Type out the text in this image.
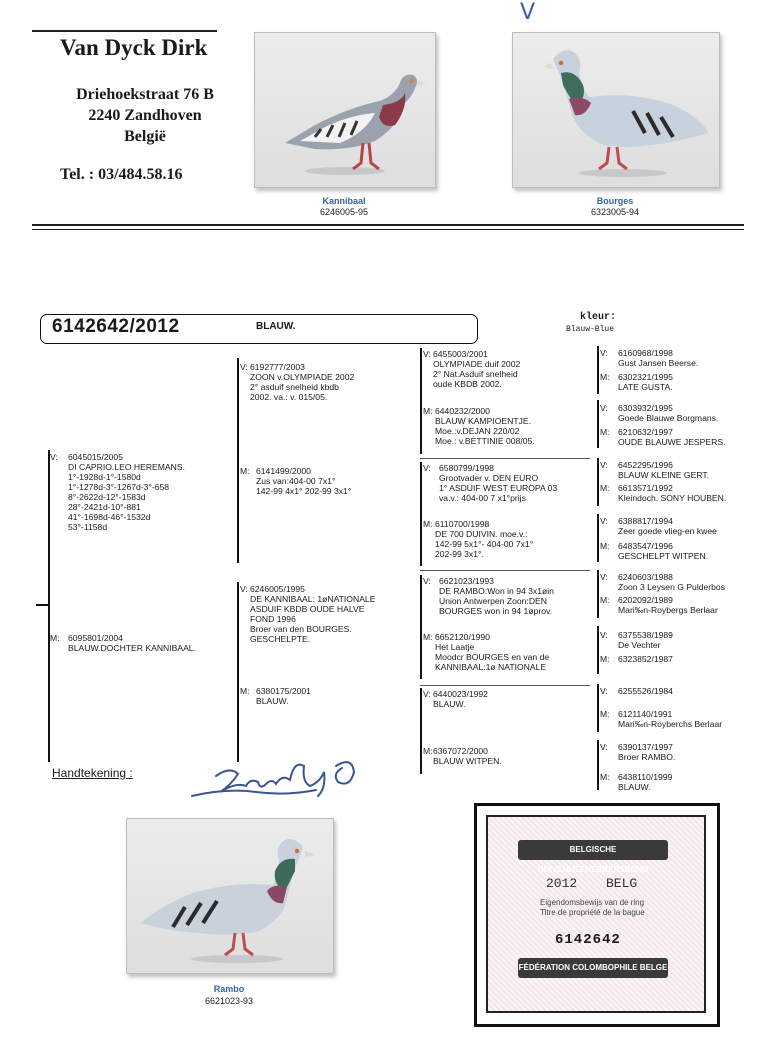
Van Dyck Dirk
Driehoekstraat 76 B
2240 Zandhoven
België
Tel. : 03/484.58.16
V
Kannibaal
6246005-95
Bourges
6323005-94
6142642/2012	BLAUW.
kleur:
Blauw-Blue
V: 6045015/2005
DI CAPRIO.LEO HEREMANS.
1°-1928d-1°-1580d
1°-1278d-3°-1267d-3°-658
8°-2622d-12°-1583d
28°-2421d-10°-881
41°-1698d-46°-1532d
53°-1158d
M: 6095801/2004
BLAUW.DOCHTER KANNIBAAL.
V: 6192777/2003
ZOON v.OLYMPIADE 2002
2° asduif snelheid kbdb
2002. va.: v. 015/05.
M: 6141499/2000
Zus van:404-00 7x1°
142-99 4x1° 202-99 3x1°
V: 6246005/1995
DE KANNIBAAL: 1øNATIONALE
ASDUIF KBDB OUDE HALVE
FOND 1996
Broer van den BOURGES.
GESCHELPTE.
M: 6380175/2001
BLAUW.
V: 6455003/2001
OLYMPIADE duif 2002
2° Nat.Asduif snelheid
oude KBDB 2002.
M: 6440232/2000
BLAUW KAMPIOENTJE.
Moe.:v.DEJAN 220/02
Moe.: v.BETTINIE 008/05.
V: 6580799/1998
Grootvader v. DEN EURO
1° ASDUIF WEST EUROPA 03
va.v.: 404-00 7 x1°prijs
M: 6110700/1998
DE 700 DUIVIN. moe.v.:
142-99 5x1°- 404-00 7x1°
202-99 3x1°.
V: 6621023/1993
DE RAMBO:Won in 94 3x1øin
Union Antwerpen Zoon:DEN
BOURGES won in 94 1øprov.
M: 6652120/1990
Het Laatje
Moodcr BOURGES en van de
KANNIBAAL:1ø NATIONALE
V: 6440023/1992
BLAUW.
M:6367072/2000
BLAUW WITPEN.
V: 6160968/1998
Gust Jansen Beerse.
M: 6302321/1995
LATE GUSTA.
V: 6303932/1995
Goede Blauwe Borgmans.
M: 6210632/1997
OUDE BLAUWE JESPERS.
V: 6452295/1996
BLAUW KLEINE GERT.
M: 6613571/1992
Kleindoch. SONY HOUBEN.
V: 6388817/1994
Zeer goede vlieg-en kwee
M: 6483547/1996
GESCHELPT WITPEN.
V: 6240603/1988
Zoon 3 Leysen G Pulderbos
M: 6202092/1989
Mari‰n-Roybergs Berlaar
V: 6375538/1989
De Vechter
M: 6323852/1987
V: 6255526/1984
M: 6121140/1991
Mari‰n-Royberchs Berlaar
V: 6390137/1997
Broer RAMBO.
M: 6438110/1999
BLAUW.
Handtekening :
Rambo
6621023-93
BELGISCHE DUIVENLIEFHEBBERSBOND
2012 BELG
Eigendomsbewijs van de ring
Titre de propriété de la bague
6142642
FÉDÉRATION COLOMBOPHILE BELGE
